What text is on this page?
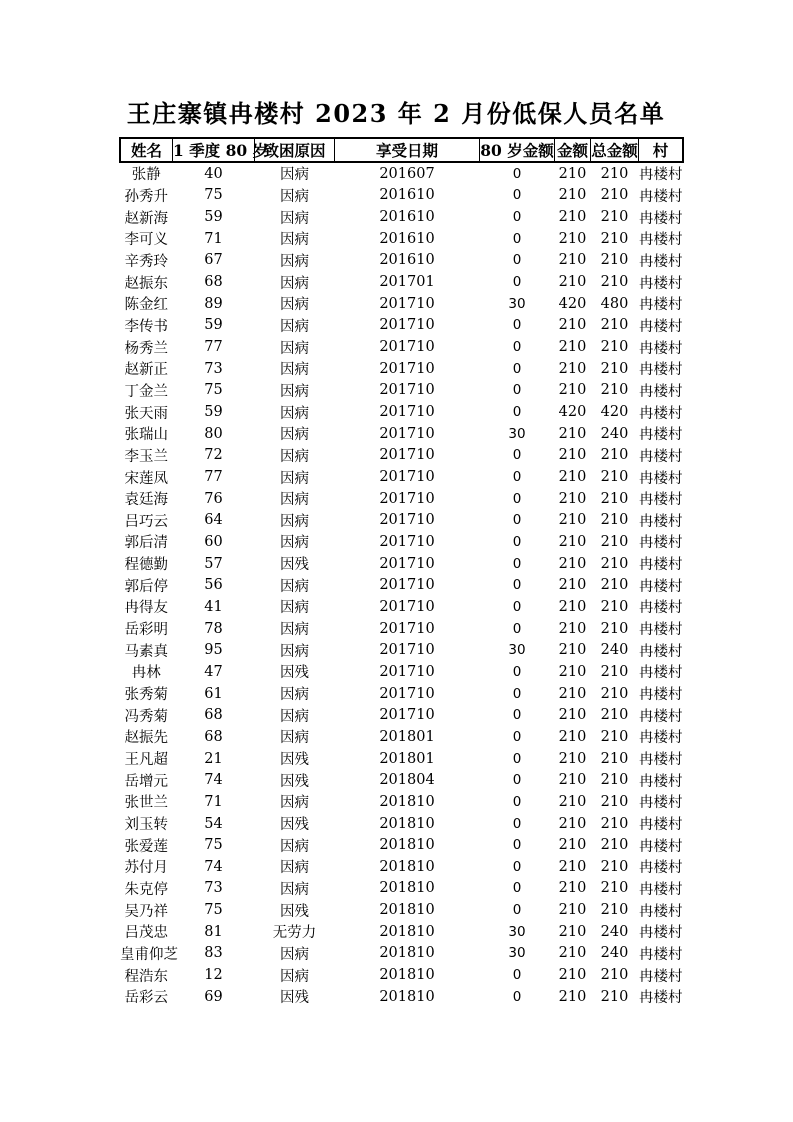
王庄寨镇冉楼村 2023 年 2 月份低保人员名单
姓名	1 季度 80 岁	致困原因	享受日期	80 岁金额	金额	总金额	村
张静	40	因病	201607	0	210	210	冉楼村
孙秀升	75	因病	201610	0	210	210	冉楼村
赵新海	59	因病	201610	0	210	210	冉楼村
李可义	71	因病	201610	0	210	210	冉楼村
辛秀玲	67	因病	201610	0	210	210	冉楼村
赵振东	68	因病	201701	0	210	210	冉楼村
陈金红	89	因病	201710	30	420	480	冉楼村
李传书	59	因病	201710	0	210	210	冉楼村
杨秀兰	77	因病	201710	0	210	210	冉楼村
赵新正	73	因病	201710	0	210	210	冉楼村
丁金兰	75	因病	201710	0	210	210	冉楼村
张天雨	59	因病	201710	0	420	420	冉楼村
张瑞山	80	因病	201710	30	210	240	冉楼村
李玉兰	72	因病	201710	0	210	210	冉楼村
宋莲凤	77	因病	201710	0	210	210	冉楼村
袁廷海	76	因病	201710	0	210	210	冉楼村
吕巧云	64	因病	201710	0	210	210	冉楼村
郭后清	60	因病	201710	0	210	210	冉楼村
程德勤	57	因残	201710	0	210	210	冉楼村
郭后停	56	因病	201710	0	210	210	冉楼村
冉得友	41	因病	201710	0	210	210	冉楼村
岳彩明	78	因病	201710	0	210	210	冉楼村
马素真	95	因病	201710	30	210	240	冉楼村
冉林	47	因残	201710	0	210	210	冉楼村
张秀菊	61	因病	201710	0	210	210	冉楼村
冯秀菊	68	因病	201710	0	210	210	冉楼村
赵振先	68	因病	201801	0	210	210	冉楼村
王凡超	21	因残	201801	0	210	210	冉楼村
岳增元	74	因残	201804	0	210	210	冉楼村
张世兰	71	因病	201810	0	210	210	冉楼村
刘玉转	54	因残	201810	0	210	210	冉楼村
张爱莲	75	因病	201810	0	210	210	冉楼村
苏付月	74	因病	201810	0	210	210	冉楼村
朱克停	73	因病	201810	0	210	210	冉楼村
吴乃祥	75	因残	201810	0	210	210	冉楼村
吕茂忠	81	无劳力	201810	30	210	240	冉楼村
皇甫仰芝	83	因病	201810	30	210	240	冉楼村
程浩东	12	因病	201810	0	210	210	冉楼村
岳彩云	69	因残	201810	0	210	210	冉楼村
